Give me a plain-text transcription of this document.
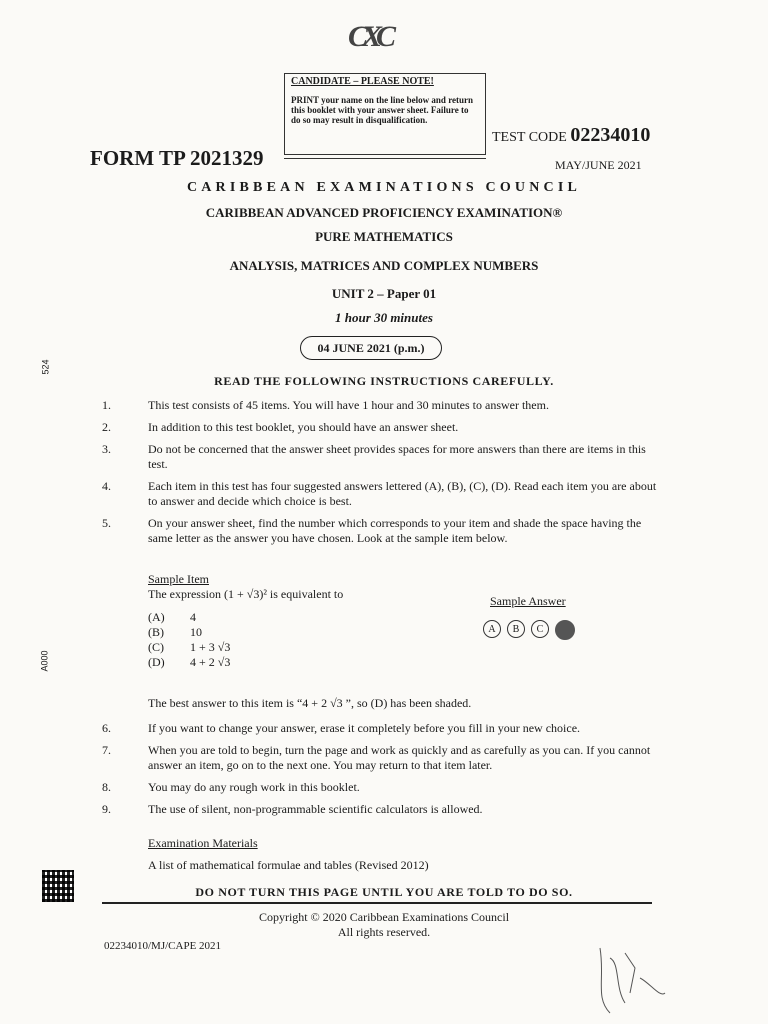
CXC
CANDIDATE – PLEASE NOTE!
PRINT your name on the line below and return this booklet with your answer sheet. Failure to do so may result in disqualification.
FORM TP 2021329
TEST CODE 02234010
MAY/JUNE 2021
CARIBBEAN EXAMINATIONS COUNCIL
CARIBBEAN ADVANCED PROFICIENCY EXAMINATION®
PURE MATHEMATICS
ANALYSIS, MATRICES AND COMPLEX NUMBERS
UNIT 2 – Paper 01
1 hour 30 minutes
04 JUNE 2021 (p.m.)
524
A000
READ THE FOLLOWING INSTRUCTIONS CAREFULLY.
1.	This test consists of 45 items. You will have 1 hour and 30 minutes to answer them.
2.	In addition to this test booklet, you should have an answer sheet.
3.	Do not be concerned that the answer sheet provides spaces for more answers than there are items in this test.
4.	Each item in this test has four suggested answers lettered (A), (B), (C), (D). Read each item you are about to answer and decide which choice is best.
5.	On your answer sheet, find the number which corresponds to your item and shade the space having the same letter as the answer you have chosen. Look at the sample item below.
Sample Item
The expression (1 + √3)² is equivalent to
(A) 4
(B) 10
(C) 1 + 3 √3
(D) 4 + 2 √3
Sample Answer
A	B	C
The best answer to this item is “4 + 2 √3 ”, so (D) has been shaded.
6.	If you want to change your answer, erase it completely before you fill in your new choice.
7.	When you are told to begin, turn the page and work as quickly and as carefully as you can. If you cannot answer an item, go on to the next one. You may return to that item later.
8.	You may do any rough work in this booklet.
9.	The use of silent, non-programmable scientific calculators is allowed.
Examination Materials
A list of mathematical formulae and tables (Revised 2012)
DO NOT TURN THIS PAGE UNTIL YOU ARE TOLD TO DO SO.
Copyright © 2020 Caribbean Examinations Council
All rights reserved.
02234010/MJ/CAPE 2021
